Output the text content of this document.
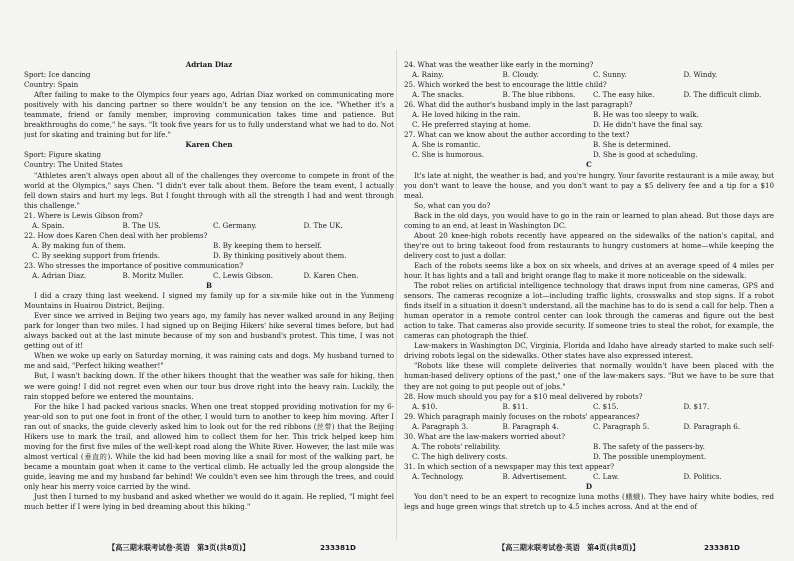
Adrian Diaz

Sport: Ice dancing

Country: Spain

After failing to make to the Olympics four years ago, Adrian Diaz worked on communicating more positively with his dancing partner so there wouldn't be any tension on the ice. "Whether it's a teammate, friend or family member, improving communication takes time and patience. But breakthroughs do come," he says. "It took five years for us to fully understand what we had to do. Not just for skating and training but for life."

Karen Chen

Sport: Figure skating

Country: The United States

"Athletes aren't always open about all of the challenges they overcome to compete in front of the world at the Olympics," says Chen. "I didn't ever talk about them. Before the team event, I actually fell down stairs and hurt my legs. But I fought through with all the strength I had and went through this challenge."

21. Where is Lewis Gibson from?

A. Spain.	B. The US.	C. Germany.	D. The UK.

22. How does Karen Chen deal with her problems?

A. By making fun of them.	B. By keeping them to herself.
C. By seeking support from friends.	D. By thinking positively about them.

23. Who stresses the importance of positive communication?

A. Adrian Diaz.	B. Moritz Muller.	C. Lewis Gibson.	D. Karen Chen.

B

I did a crazy thing last weekend. I signed my family up for a six-mile hike out in the Yunmeng Mountains in Huairou District, Beijing.

Ever since we arrived in Beijing two years ago, my family has never walked around in any Beijing park for longer than two miles. I had signed up on Beijing Hikers' hike several times before, but had always backed out at the last minute because of my son and husband's protest. This time, I was not getting out of it!

When we woke up early on Saturday morning, it was raining cats and dogs. My husband turned to me and said, "Perfect hiking weather!"

But, I wasn't backing down. If the other hikers thought that the weather was safe for hiking, then we were going! I did not regret even when our tour bus drove right into the heavy rain. Luckily, the rain stopped before we entered the mountains.

For the hike I had packed various snacks. When one treat stopped providing motivation for my 6-year-old son to put one foot in front of the other, I would turn to another to keep him moving. After I ran out of snacks, the guide cleverly asked him to look out for the red ribbons (丝带) that the Beijing Hikers use to mark the trail, and allowed him to collect them for her. This trick helped keep him moving for the first five miles of the well-kept road along the White River. However, the last mile was almost vertical (垂直的). While the kid had been moving like a snail for most of the walking part, he became a mountain goat when it came to the vertical climb. He actually led the group alongside the guide, leaving me and my husband far behind! We couldn't even see him through the trees, and could only hear his merry voice carried by the wind.

Just then I turned to my husband and asked whether we would do it again. He replied, "I might feel much better if I were lying in bed dreaming about this hiking."

24. What was the weather like early in the morning?

A. Rainy.	B. Cloudy.	C. Sunny.	D. Windy.

25. Which worked the best to encourage the little child?

A. The snacks.	B. The blue ribbons.	C. The easy hike.	D. The difficult climb.

26. What did the author's husband imply in the last paragraph?

A. He loved hiking in the rain.	B. He was too sleepy to walk.
C. He preferred staying at home.	D. He didn't have the final say.

27. What can we know about the author according to the text?

A. She is romantic.	B. She is determined.
C. She is humorous.	D. She is good at scheduling.

C

It's late at night, the weather is bad, and you're hungry. Your favorite restaurant is a mile away, but you don't want to leave the house, and you don't want to pay a $5 delivery fee and a tip for a $10 meal.

So, what can you do?

Back in the old days, you would have to go in the rain or learned to plan ahead. But those days are coming to an end, at least in Washington DC.

About 20 knee-high robots recently have appeared on the sidewalks of the nation's capital, and they're out to bring takeout food from restaurants to hungry customers at home—while keeping the delivery cost to just a dollar.

Each of the robots seems like a box on six wheels, and drives at an average speed of 4 miles per hour. It has lights and a tall and bright orange flag to make it more noticeable on the sidewalk.

The robot relies on artificial intelligence technology that draws input from nine cameras, GPS and sensors. The cameras recognize a lot—including traffic lights, crosswalks and stop signs. If a robot finds itself in a situation it doesn't understand, all the machine has to do is send a call for help. Then a human operator in a remote control center can look through the cameras and figure out the best action to take. That cameras also provide security. If someone tries to steal the robot, for example, the cameras can photograph the thief.

Law-makers in Washington DC, Virginia, Florida and Idaho have already started to make such self-driving robots legal on the sidewalks. Other states have also expressed interest.

"Robots like these will complete deliveries that normally wouldn't have been placed with the human-based delivery options of the past," one of the law-makers says. "But we have to be sure that they are not going to put people out of jobs."

28. How much should you pay for a $10 meal delivered by robots?

A. $10.	B. $11.	C. $15.	D. $17.

29. Which paragraph mainly focuses on the robots' appearances?

A. Paragraph 3.	B. Paragraph 4.	C. Paragraph 5.	D. Paragraph 6.

30. What are the law-makers worried about?

A. The robots' reliability.	B. The safety of the passers-by.
C. The high delivery costs.	D. The possible unemployment.

31. In which section of a newspaper may this text appear?

A. Technology.	B. Advertisement.	C. Law.	D. Politics.

D

You don't need to be an expert to recognize luna moths (蛾蛾). They have hairy white bodies, red legs and huge green wings that stretch up to 4.5 inches across. And at the end of

【高三期末联考试卷·英语　第3页(共8页)】	233381D	【高三期末联考试卷·英语　第4页(共8页)】	233381D
